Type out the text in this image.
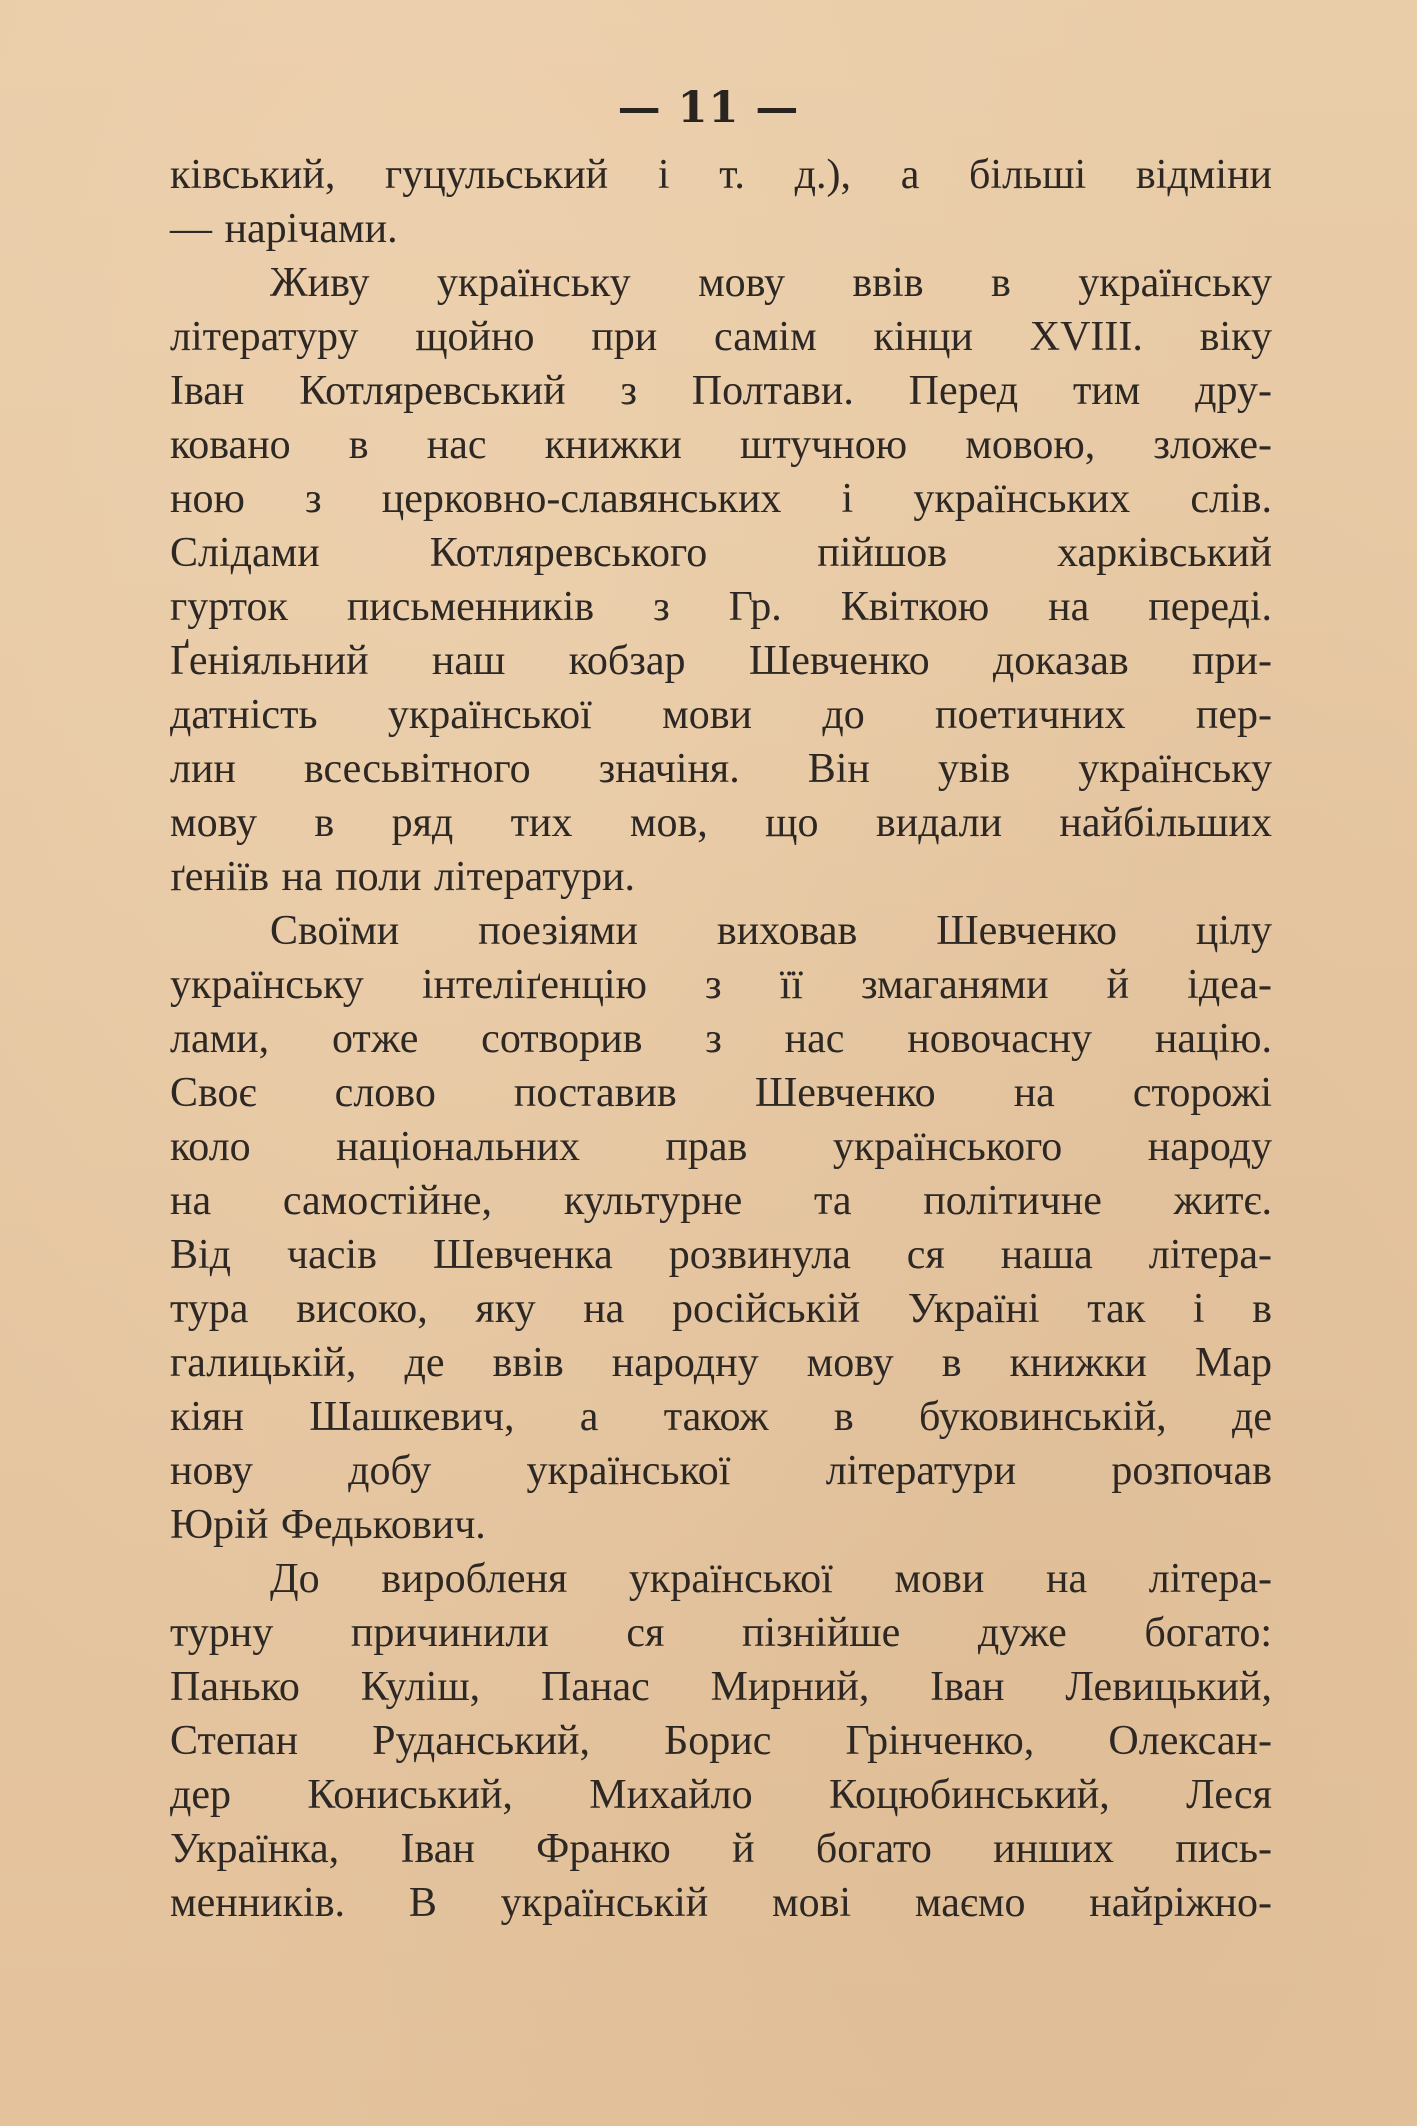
— 11 —
ківський, гуцульський і т. д.), а більші відміни
— нарічами.
Живу українську мову ввів в українську
літературу щойно при самім кінци XVIII. віку
Іван Котляревський з Полтави. Перед тим дру-
ковано в нас книжки штучною мовою, зложе-
ною з церковно-славянських і українських слів.
Слідами Котляревського пійшов харківський
гурток письменників з Гр. Квіткою на переді.
Ґеніяльний наш кобзар Шевченко доказав при-
датність української мови до поетичних пер-
лин всесьвітного значіня. Він увів українську
мову в ряд тих мов, що видали найбільших
ґеніїв на поли літератури.
Своїми поезіями виховав Шевченко цілу
українську інтеліґенцію з її змаганями й ідеа-
лами, отже сотворив з нас новочасну націю.
Своє слово поставив Шевченко на сторожі
коло національних прав українського народу
на самостійне, культурне та політичне житє.
Від часів Шевченка розвинула ся наша літера-
тура високо, яку на російській Україні так і в
галицькій, де ввів народну мову в книжки Мар
кіян Шашкевич, а також в буковинській, де
нову добу української літератури розпочав
Юрій Федькович.
До виробленя української мови на літера-
турну причинили ся пізнійше дуже богато:
Панько Куліш, Панас Мирний, Іван Левицький,
Степан Руданський, Борис Грінченко, Олексан-
дер Кониський, Михайло Коцюбинський, Леся
Українка, Іван Франко й богато инших пись-
менників. В українській мові маємо найріжно-
